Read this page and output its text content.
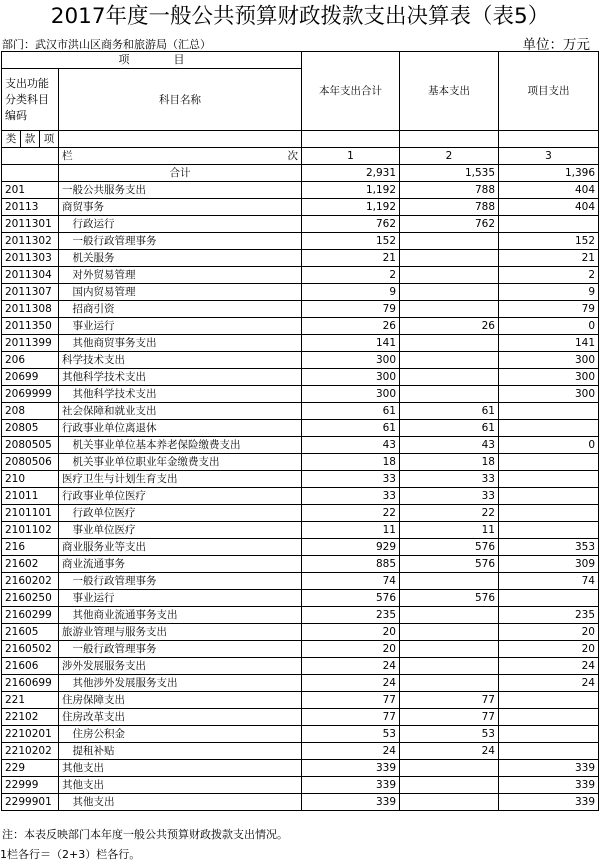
2017年度一般公共预算财政拨款支出决算表（表5）
部门：武汉市洪山区商务和旅游局（汇总）	单位：万元
项　　　　目				本年支出合计	基本支出	项目支出
支出功能分类科目编码			科目名称			
类	款	项				

			栏 次	1	2	3
			合计	2,931	1,535	1,396
201			一般公共服务支出	1,192	788	404
20113			商贸事务	1,192	788	404
2011301			　行政运行	762	762	
2011302			　一般行政管理事务	152		152
2011303			　机关服务	21		21
2011304			　对外贸易管理	2		2
2011307			　国内贸易管理	9		9
2011308			　招商引资	79		79
2011350			　事业运行	26	26	0
2011399			　其他商贸事务支出	141		141
206			科学技术支出	300		300
20699			其他科学技术支出	300		300
2069999			　其他科学技术支出	300		300
208			社会保障和就业支出	61	61	
20805			行政事业单位离退休	61	61	
2080505			　机关事业单位基本养老保险缴费支出	43	43	0
2080506			　机关事业单位职业年金缴费支出	18	18	
210			医疗卫生与计划生育支出	33	33	
21011			行政事业单位医疗	33	33	
2101101			　行政单位医疗	22	22	
2101102			　事业单位医疗	11	11	
216			商业服务业等支出	929	576	353
21602			商业流通事务	885	576	309
2160202			　一般行政管理事务	74		74
2160250			　事业运行	576	576	
2160299			　其他商业流通事务支出	235		235
21605			旅游业管理与服务支出	20		20
2160502			　一般行政管理事务	20		20
21606			涉外发展服务支出	24		24
2160699			　其他涉外发展服务支出	24		24
221			住房保障支出	77	77	
22102			住房改革支出	77	77	
2210201			　住房公积金	53	53	
2210202			　提租补贴	24	24	
229			其他支出	339		339
22999			其他支出	339		339
2299901			　其他支出	339		339
注：本表反映部门本年度一般公共预算财政拨款支出情况。
1栏各行＝（2+3）栏各行。
